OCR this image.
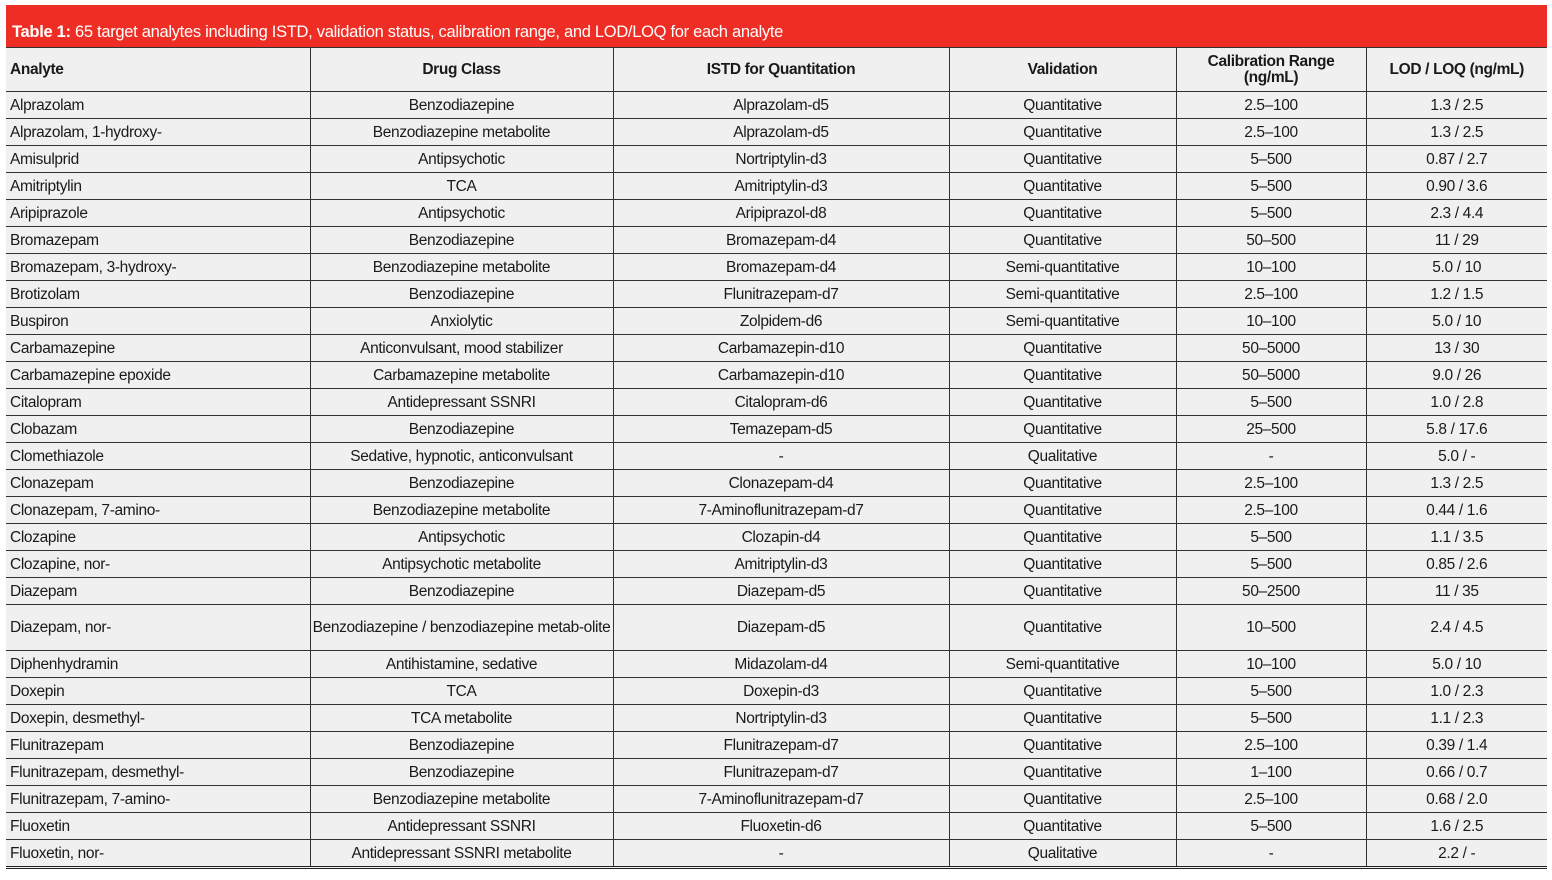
Table 1: 65 target analytes including ISTD, validation status, calibration range, and LOD/LOQ for each analyte
Analyte	Drug Class	ISTD for Quantitation	Validation	Calibration Range (ng/mL)	LOD / LOQ (ng/mL)
Alprazolam	Benzodiazepine	Alprazolam-d5	Quantitative	2.5–100	1.3 / 2.5
Alprazolam, 1-hydroxy-	Benzodiazepine metabolite	Alprazolam-d5	Quantitative	2.5–100	1.3 / 2.5
Amisulprid	Antipsychotic	Nortriptylin-d3	Quantitative	5–500	0.87 / 2.7
Amitriptylin	TCA	Amitriptylin-d3	Quantitative	5–500	0.90 / 3.6
Aripiprazole	Antipsychotic	Aripiprazol-d8	Quantitative	5–500	2.3 / 4.4
Bromazepam	Benzodiazepine	Bromazepam-d4	Quantitative	50–500	11 / 29
Bromazepam, 3-hydroxy-	Benzodiazepine metabolite	Bromazepam-d4	Semi-quantitative	10–100	5.0 / 10
Brotizolam	Benzodiazepine	Flunitrazepam-d7	Semi-quantitative	2.5–100	1.2 / 1.5
Buspiron	Anxiolytic	Zolpidem-d6	Semi-quantitative	10–100	5.0 / 10
Carbamazepine	Anticonvulsant, mood stabilizer	Carbamazepin-d10	Quantitative	50–5000	13 / 30
Carbamazepine epoxide	Carbamazepine metabolite	Carbamazepin-d10	Quantitative	50–5000	9.0 / 26
Citalopram	Antidepressant SSNRI	Citalopram-d6	Quantitative	5–500	1.0 / 2.8
Clobazam	Benzodiazepine	Temazepam-d5	Quantitative	25–500	5.8 / 17.6
Clomethiazole	Sedative, hypnotic, anticonvulsant	-	Qualitative	-	5.0 / -
Clonazepam	Benzodiazepine	Clonazepam-d4	Quantitative	2.5–100	1.3 / 2.5
Clonazepam, 7-amino-	Benzodiazepine metabolite	7-Aminoflunitrazepam-d7	Quantitative	2.5–100	0.44 / 1.6
Clozapine	Antipsychotic	Clozapin-d4	Quantitative	5–500	1.1 / 3.5
Clozapine, nor-	Antipsychotic metabolite	Amitriptylin-d3	Quantitative	5–500	0.85 / 2.6
Diazepam	Benzodiazepine	Diazepam-d5	Quantitative	50–2500	11 / 35
Diazepam, nor-	Benzodiazepine / benzodiazepine metab-olite	Diazepam-d5	Quantitative	10–500	2.4 / 4.5
Diphenhydramin	Antihistamine, sedative	Midazolam-d4	Semi-quantitative	10–100	5.0 / 10
Doxepin	TCA	Doxepin-d3	Quantitative	5–500	1.0 / 2.3
Doxepin, desmethyl-	TCA metabolite	Nortriptylin-d3	Quantitative	5–500	1.1 / 2.3
Flunitrazepam	Benzodiazepine	Flunitrazepam-d7	Quantitative	2.5–100	0.39 / 1.4
Flunitrazepam, desmethyl-	Benzodiazepine	Flunitrazepam-d7	Quantitative	1–100	0.66 / 0.7
Flunitrazepam, 7-amino-	Benzodiazepine metabolite	7-Aminoflunitrazepam-d7	Quantitative	2.5–100	0.68 / 2.0
Fluoxetin	Antidepressant SSNRI	Fluoxetin-d6	Quantitative	5–500	1.6 / 2.5
Fluoxetin, nor-	Antidepressant SSNRI metabolite	-	Qualitative	-	2.2 / -
